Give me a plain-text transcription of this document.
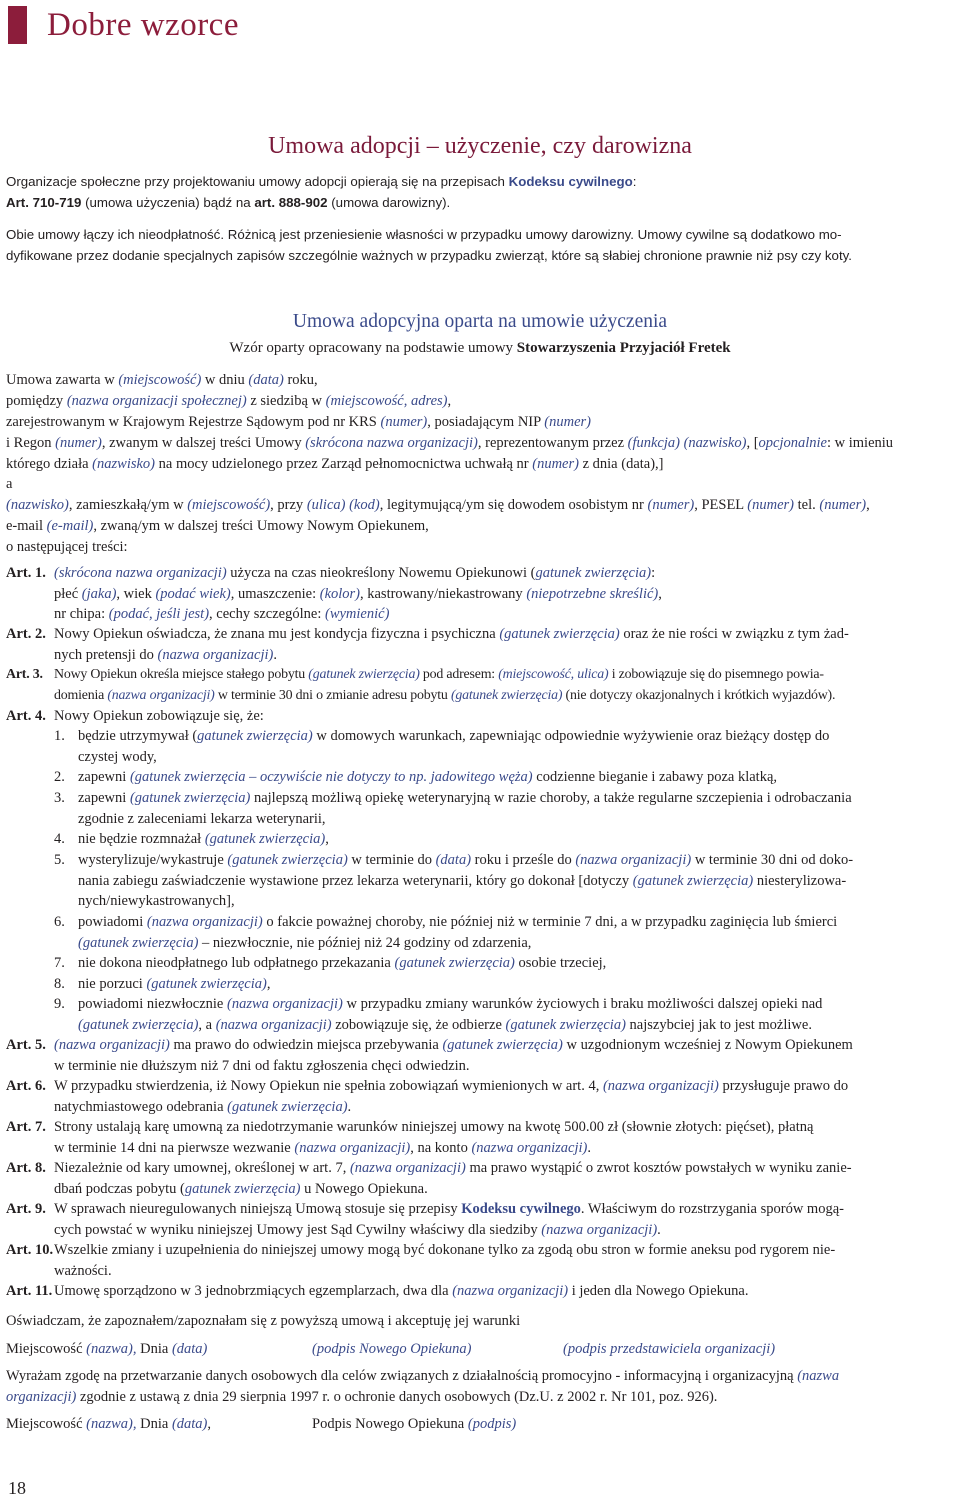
Dobre wzorce
Umowa adopcji – użyczenie, czy darowizna
Organizacje społeczne przy projektowaniu umowy adopcji opierają się na przepisach Kodeksu cywilnego:
Art. 710-719 (umowa użyczenia) bądź na art. 888-902 (umowa darowizny).
Obie umowy łączy ich nieodpłatność. Różnicą jest przeniesienie własności w przypadku umowy darowizny. Umowy cywilne są dodatkowo mo-
dyfikowane przez dodanie specjalnych zapisów szczególnie ważnych w przypadku zwierząt, które są słabiej chronione prawnie niż psy czy koty.
Umowa adopcyjna oparta na umowie użyczenia
Wzór oparty opracowany na podstawie umowy Stowarzyszenia Przyjaciół Fretek
Umowa zawarta w (miejscowość) w dniu (data) roku,
pomiędzy (nazwa organizacji społecznej) z siedzibą w (miejscowość, adres),
zarejestrowanym w Krajowym Rejestrze Sądowym pod nr KRS (numer), posiadającym NIP (numer)
i Regon (numer), zwanym w dalszej treści Umowy (skrócona nazwa organizacji), reprezentowanym przez (funkcja) (nazwisko), [opcjonalnie: w imieniu
którego działa (nazwisko) na mocy udzielonego przez Zarząd pełnomocnictwa uchwałą nr (numer) z dnia (data),]
a
(nazwisko), zamieszkałą/ym w (miejscowość), przy (ulica) (kod), legitymującą/ym się dowodem osobistym nr (numer), PESEL (numer) tel. (numer),
e-mail (e-mail), zwaną/ym w dalszej treści Umowy Nowym Opiekunem,
o następującej treści:
Art. 1. (skrócona nazwa organizacji) użycza na czas nieokreślony Nowemu Opiekunowi (gatunek zwierzęcia):
płeć (jaka), wiek (podać wiek), umaszczenie: (kolor), kastrowany/niekastrowany (niepotrzebne skreślić),
nr chipa: (podać, jeśli jest), cechy szczególne: (wymienić)
Art. 2. Nowy Opiekun oświadcza, że znana mu jest kondycja fizyczna i psychiczna (gatunek zwierzęcia) oraz że nie rości w związku z tym żad-
nych pretensji do (nazwa organizacji).
Art. 3. Nowy Opiekun określa miejsce stałego pobytu (gatunek zwierzęcia) pod adresem: (miejscowość, ulica) i zobowiązuje się do pisemnego powia-
domienia (nazwa organizacji) w terminie 30 dni o zmianie adresu pobytu (gatunek zwierzęcia) (nie dotyczy okazjonalnych i krótkich wyjazdów).
Art. 4. Nowy Opiekun zobowiązuje się, że:
1. będzie utrzymywał (gatunek zwierzęcia) w domowych warunkach, zapewniając odpowiednie wyżywienie oraz bieżący dostęp do
czystej wody,
2. zapewni (gatunek zwierzęcia – oczywiście nie dotyczy to np. jadowitego węża) codzienne bieganie i zabawy poza klatką,
3. zapewni (gatunek zwierzęcia) najlepszą możliwą opiekę weterynaryjną w razie choroby, a także regularne szczepienia i odrobaczania
zgodnie z zaleceniami lekarza weterynarii,
4. nie będzie rozmnażał (gatunek zwierzęcia),
5. wysterylizuje/wykastruje (gatunek zwierzęcia) w terminie do (data) roku i prześle do (nazwa organizacji) w terminie 30 dni od doko-
nania zabiegu zaświadczenie wystawione przez lekarza weterynarii, który go dokonał [dotyczy (gatunek zwierzęcia) niesterylizowa-
nych/niewykastrowanych],
6. powiadomi (nazwa organizacji) o fakcie poważnej choroby, nie później niż w terminie 7 dni, a w przypadku zaginięcia lub śmierci
(gatunek zwierzęcia) – niezwłocznie, nie później niż 24 godziny od zdarzenia,
7. nie dokona nieodpłatnego lub odpłatnego przekazania (gatunek zwierzęcia) osobie trzeciej,
8. nie porzuci (gatunek zwierzęcia),
9. powiadomi niezwłocznie (nazwa organizacji) w przypadku zmiany warunków życiowych i braku możliwości dalszej opieki nad
(gatunek zwierzęcia), a (nazwa organizacji) zobowiązuje się, że odbierze (gatunek zwierzęcia) najszybciej jak to jest możliwe.
Art. 5. (nazwa organizacji) ma prawo do odwiedzin miejsca przebywania (gatunek zwierzęcia) w uzgodnionym wcześniej z Nowym Opiekunem
w terminie nie dłuższym niż 7 dni od faktu zgłoszenia chęci odwiedzin.
Art. 6. W przypadku stwierdzenia, iż Nowy Opiekun nie spełnia zobowiązań wymienionych w art. 4, (nazwa organizacji) przysługuje prawo do
natychmiastowego odebrania (gatunek zwierzęcia).
Art. 7. Strony ustalają karę umowną za niedotrzymanie warunków niniejszej umowy na kwotę 500.00 zł (słownie złotych: pięćset), płatną
w terminie 14 dni na pierwsze wezwanie (nazwa organizacji), na konto (nazwa organizacji).
Art. 8. Niezależnie od kary umownej, określonej w art. 7, (nazwa organizacji) ma prawo wystąpić o zwrot kosztów powstałych w wyniku zanie-
dbań podczas pobytu (gatunek zwierzęcia) u Nowego Opiekuna.
Art. 9. W sprawach nieuregulowanych niniejszą Umową stosuje się przepisy Kodeksu cywilnego. Właściwym do rozstrzygania sporów mogą-
cych powstać w wyniku niniejszej Umowy jest Sąd Cywilny właściwy dla siedziby (nazwa organizacji).
Art. 10. Wszelkie zmiany i uzupełnienia do niniejszej umowy mogą być dokonane tylko za zgodą obu stron w formie aneksu pod rygorem nie-
ważności.
Art. 11. Umowę sporządzono w 3 jednobrzmiących egzemplarzach, dwa dla (nazwa organizacji) i jeden dla Nowego Opiekuna.
Oświadczam, że zapoznałem/zapoznałam się z powyższą umową i akceptuję jej warunki
Miejscowość (nazwa), Dnia (data)	(podpis Nowego Opiekuna)	(podpis przedstawiciela organizacji)
Wyrażam zgodę na przetwarzanie danych osobowych dla celów związanych z działalnością promocyjno - informacyjną i organizacyjną (nazwa
organizacji) zgodnie z ustawą z dnia 29 sierpnia 1997 r. o ochronie danych osobowych (Dz.U. z 2002 r. Nr 101, poz. 926).
Miejscowość (nazwa), Dnia (data),	Podpis Nowego Opiekuna (podpis)
18
